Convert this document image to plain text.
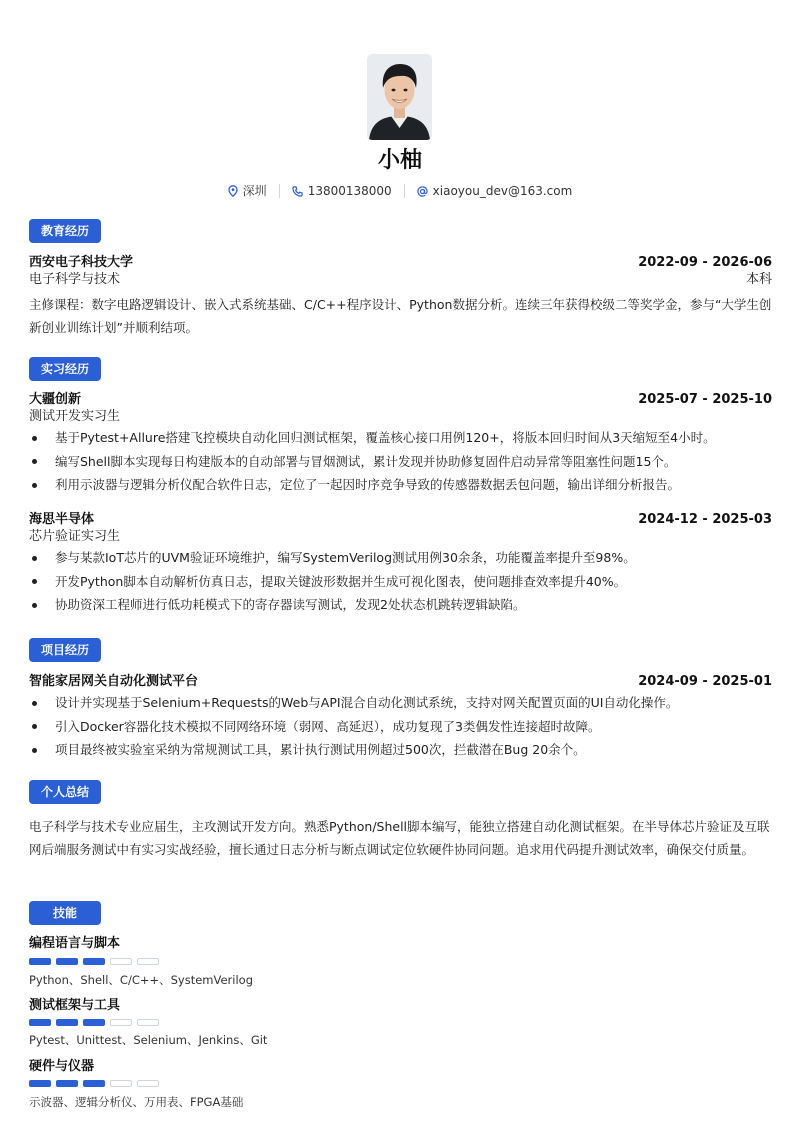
小柚
深圳	13800138000	xiaoyou_dev@163.com
教育经历
西安电子科技大学	2022-09 - 2026-06
电子科学与技术	本科
主修课程：数字电路逻辑设计、嵌入式系统基础、C/C++程序设计、Python数据分析。连续三年获得校级二等奖学金，参与“大学生创新创业训练计划”并顺利结项。
实习经历
大疆创新	2025-07 - 2025-10
测试开发实习生
基于Pytest+Allure搭建飞控模块自动化回归测试框架，覆盖核心接口用例120+，将版本回归时间从3天缩短至4小时。
编写Shell脚本实现每日构建版本的自动部署与冒烟测试，累计发现并协助修复固件启动异常等阻塞性问题15个。
利用示波器与逻辑分析仪配合软件日志，定位了一起因时序竞争导致的传感器数据丢包问题，输出详细分析报告。
海思半导体	2024-12 - 2025-03
芯片验证实习生
参与某款IoT芯片的UVM验证环境维护，编写SystemVerilog测试用例30余条，功能覆盖率提升至98%。
开发Python脚本自动解析仿真日志，提取关键波形数据并生成可视化图表，使问题排查效率提升40%。
协助资深工程师进行低功耗模式下的寄存器读写测试，发现2处状态机跳转逻辑缺陷。
项目经历
智能家居网关自动化测试平台	2024-09 - 2025-01
设计并实现基于Selenium+Requests的Web与API混合自动化测试系统，支持对网关配置页面的UI自动化操作。
引入Docker容器化技术模拟不同网络环境（弱网、高延迟），成功复现了3类偶发性连接超时故障。
项目最终被实验室采纳为常规测试工具，累计执行测试用例超过500次，拦截潜在Bug 20余个。
个人总结
电子科学与技术专业应届生，主攻测试开发方向。熟悉Python/Shell脚本编写，能独立搭建自动化测试框架。在半导体芯片验证及互联网后端服务测试中有实习实战经验，擅长通过日志分析与断点调试定位软硬件协同问题。追求用代码提升测试效率，确保交付质量。
技能
编程语言与脚本
Python、Shell、C/C++、SystemVerilog
测试框架与工具
Pytest、Unittest、Selenium、Jenkins、Git
硬件与仪器
示波器、逻辑分析仪、万用表、FPGA基础
